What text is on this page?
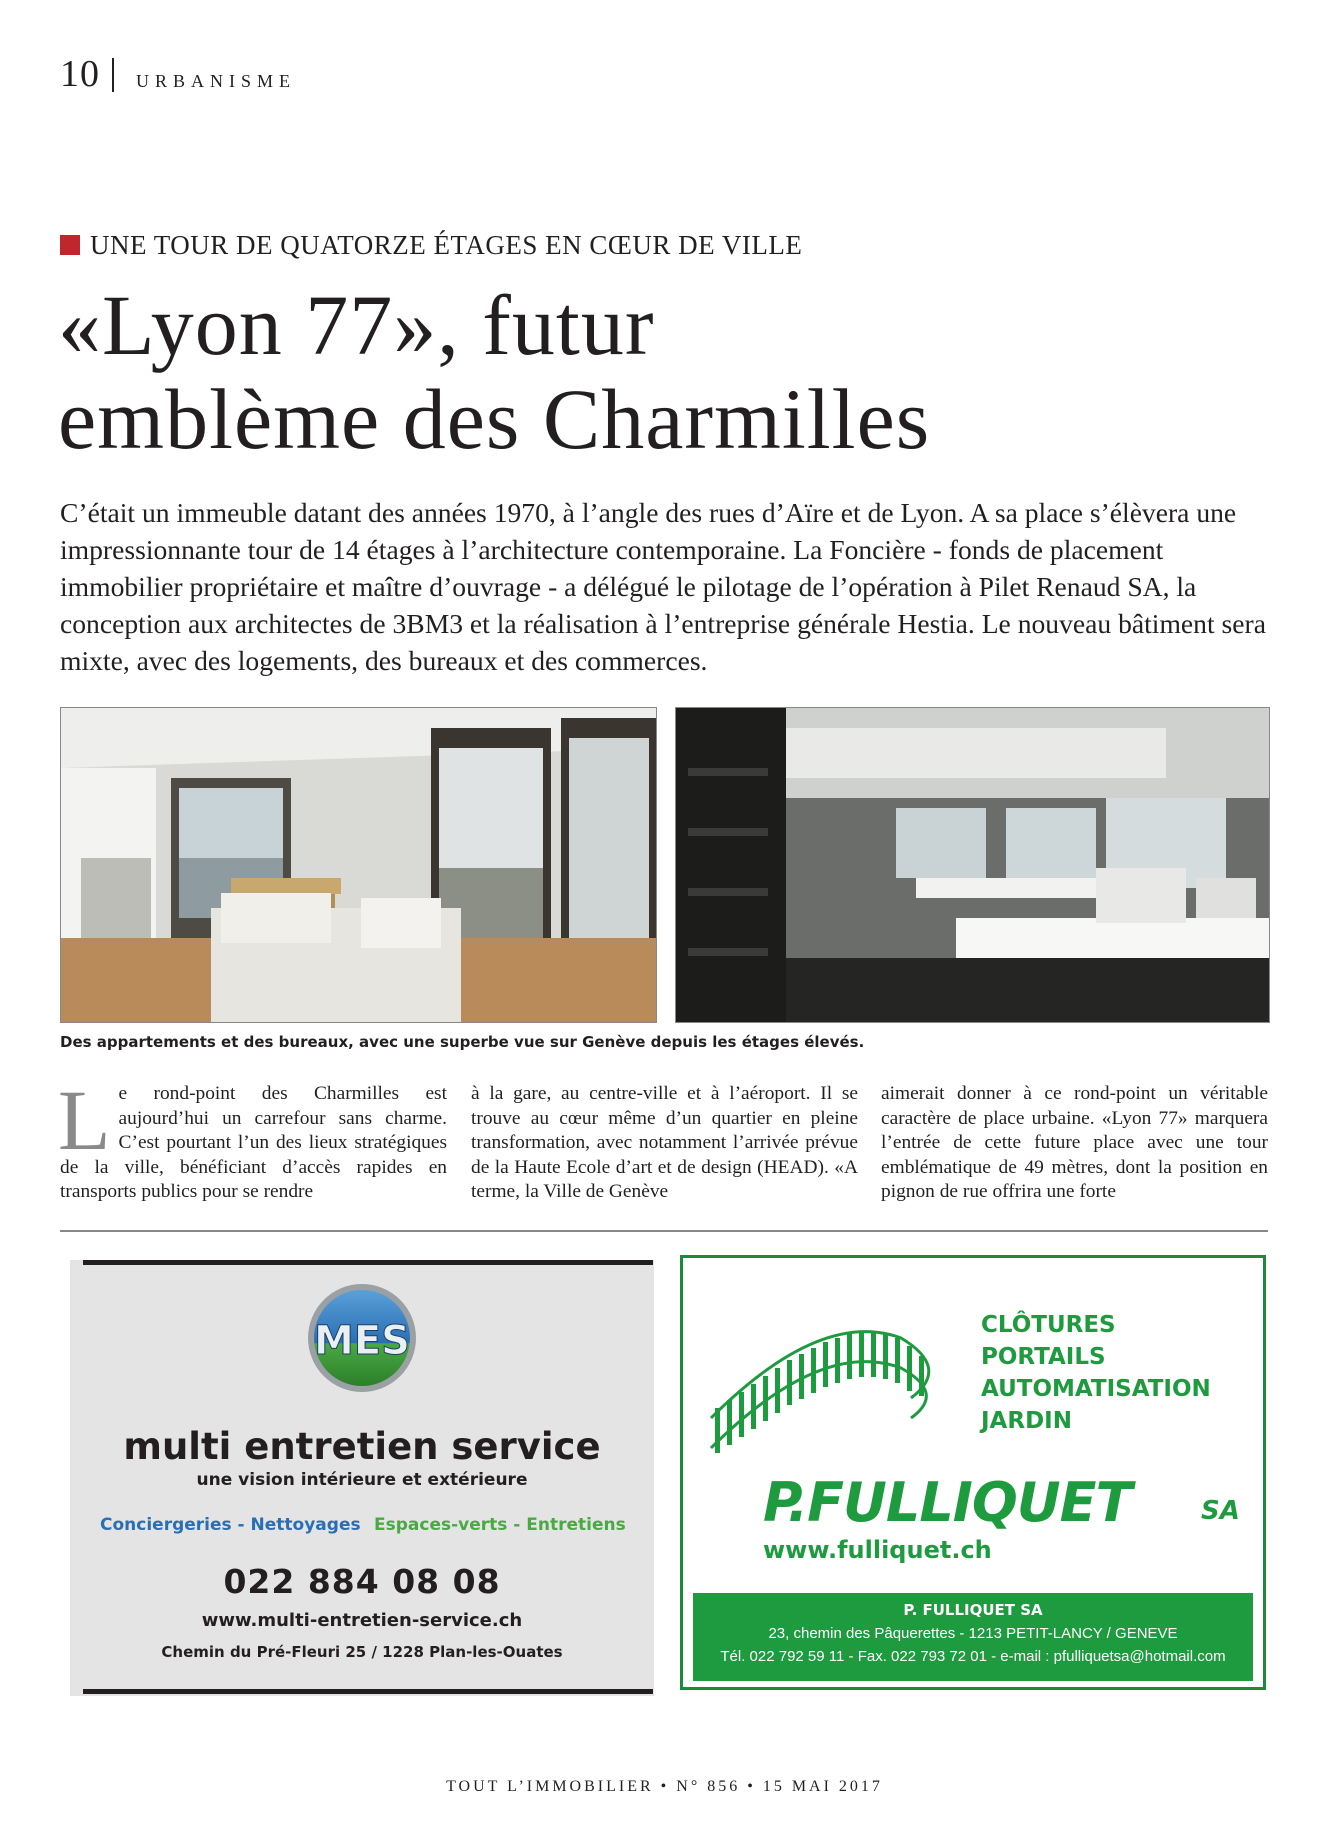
10 URBANISME
UNE TOUR DE QUATORZE ÉTAGES EN CŒUR DE VILLE
«Lyon 77», futur
emblème des Charmilles

C’était un immeuble datant des années 1970, à l’angle des rues d’Aïre et de Lyon. A sa place s’élèvera une impressionnante tour de 14 étages à l’architecture contemporaine. La Foncière - fonds de placement immobilier propriétaire et maître d’ouvrage - a délégué le pilotage de l’opération à Pilet Renaud SA, la conception aux architectes de 3BM3 et la réalisation à l’entreprise générale Hestia. Le nouveau bâtiment sera mixte, avec des logements, des bureaux et des commerces.

Des appartements et des bureaux, avec une superbe vue sur Genève depuis les étages élevés.

Le rond-point des Charmilles est aujourd’hui un carrefour sans charme. C’est pourtant l’un des lieux stratégiques de la ville, bénéficiant d’accès rapides en transports publics pour se rendre

à la gare, au centre-ville et à l’aéroport. Il se trouve au cœur même d’un quartier en pleine transformation, avec notamment l’arrivée prévue de la Haute Ecole d’art et de design (HEAD). «A terme, la Ville de Genève

aimerait donner à ce rond-point un véritable caractère de place urbaine. «Lyon 77» marquera l’entrée de cette future place avec une tour emblématique de 49 mètres, dont la position en pignon de rue offrira une forte

MES
multi entretien service
une vision intérieure et extérieure
Conciergeries - Nettoyages Espaces-verts - Entretiens
022 884 08 08
www.multi-entretien-service.ch
Chemin du Pré-Fleuri 25 / 1228 Plan-les-Ouates
CLÔTURES
PORTAILS
AUTOMATISATION
JARDIN
P.FULLIQUET	SA
www.fulliquet.ch
P. FULLIQUET SA
23, chemin des Pâquerettes - 1213 PETIT-LANCY / GENEVE
Tél. 022 792 59 11 - Fax. 022 793 72 01 - e-mail : pfulliquetsa@hotmail.com
TOUT L’IMMOBILIER • N° 856 • 15 MAI 2017
